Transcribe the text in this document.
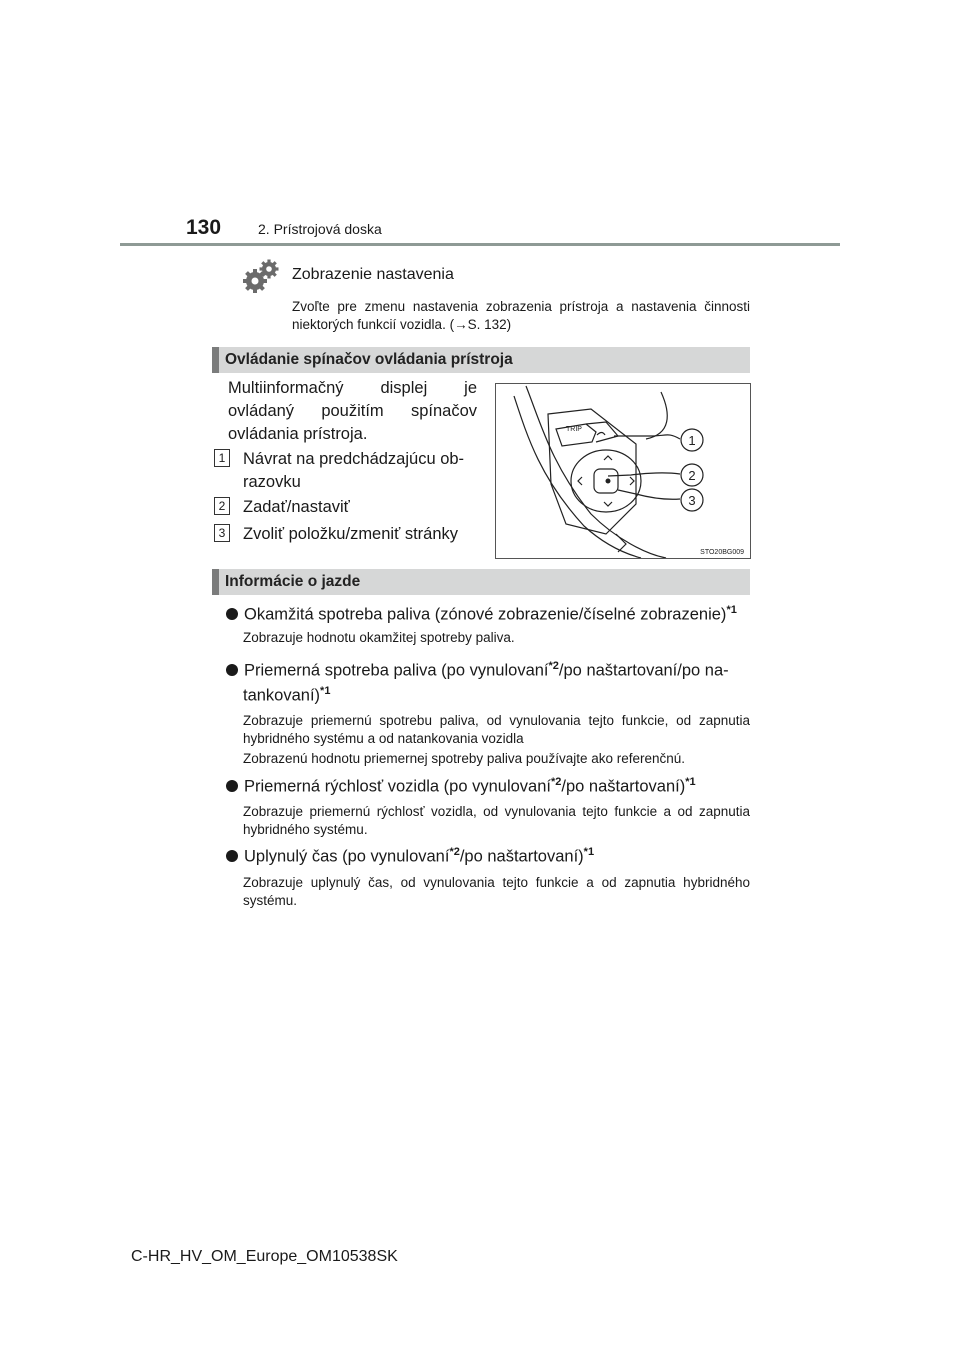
130	2. Prístrojová doska
Zobrazenie nastavenia
Zvoľte pre zmenu nastavenia zobrazenia prístroja a nastavenia činnosti niektorých funkcií vozidla. (→S. 132)
Ovládanie spínačov ovládania prístroja
Multiinformačný displej je ovládaný použitím spínačov ovládania prístroja.
1 Návrat na predchádzajúcu ob-
razovku
2 Zadať/nastaviť
3 Zvoliť položku/zmeniť stránky
TRIP
1
2
3
STO20BG009
Informácie o jazde
Okamžitá spotreba paliva (zónové zobrazenie/číselné zobrazenie)$^{*1}$
Zobrazuje hodnotu okamžitej spotreby paliva.
Priemerná spotreba paliva (po vynulovaní$^{*2}$/po naštartovaní/po na-
tankovaní)$^{*1}$
Zobrazuje priemernú spotrebu paliva, od vynulovania tejto funkcie, od zapnutia hybridného systému a od natankovania vozidla
Zobrazenú hodnotu priemernej spotreby paliva používajte ako referenčnú.
Priemerná rýchlosť vozidla (po vynulovaní$^{*2}$/po naštartovaní)$^{*1}$
Zobrazuje priemernú rýchlosť vozidla, od vynulovania tejto funkcie a od zapnutia hybridného systému.
Uplynulý čas (po vynulovaní$^{*2}$/po naštartovaní)$^{*1}$
Zobrazuje uplynulý čas, od vynulovania tejto funkcie a od zapnutia hybridného systému.
C-HR_HV_OM_Europe_OM10538SK
